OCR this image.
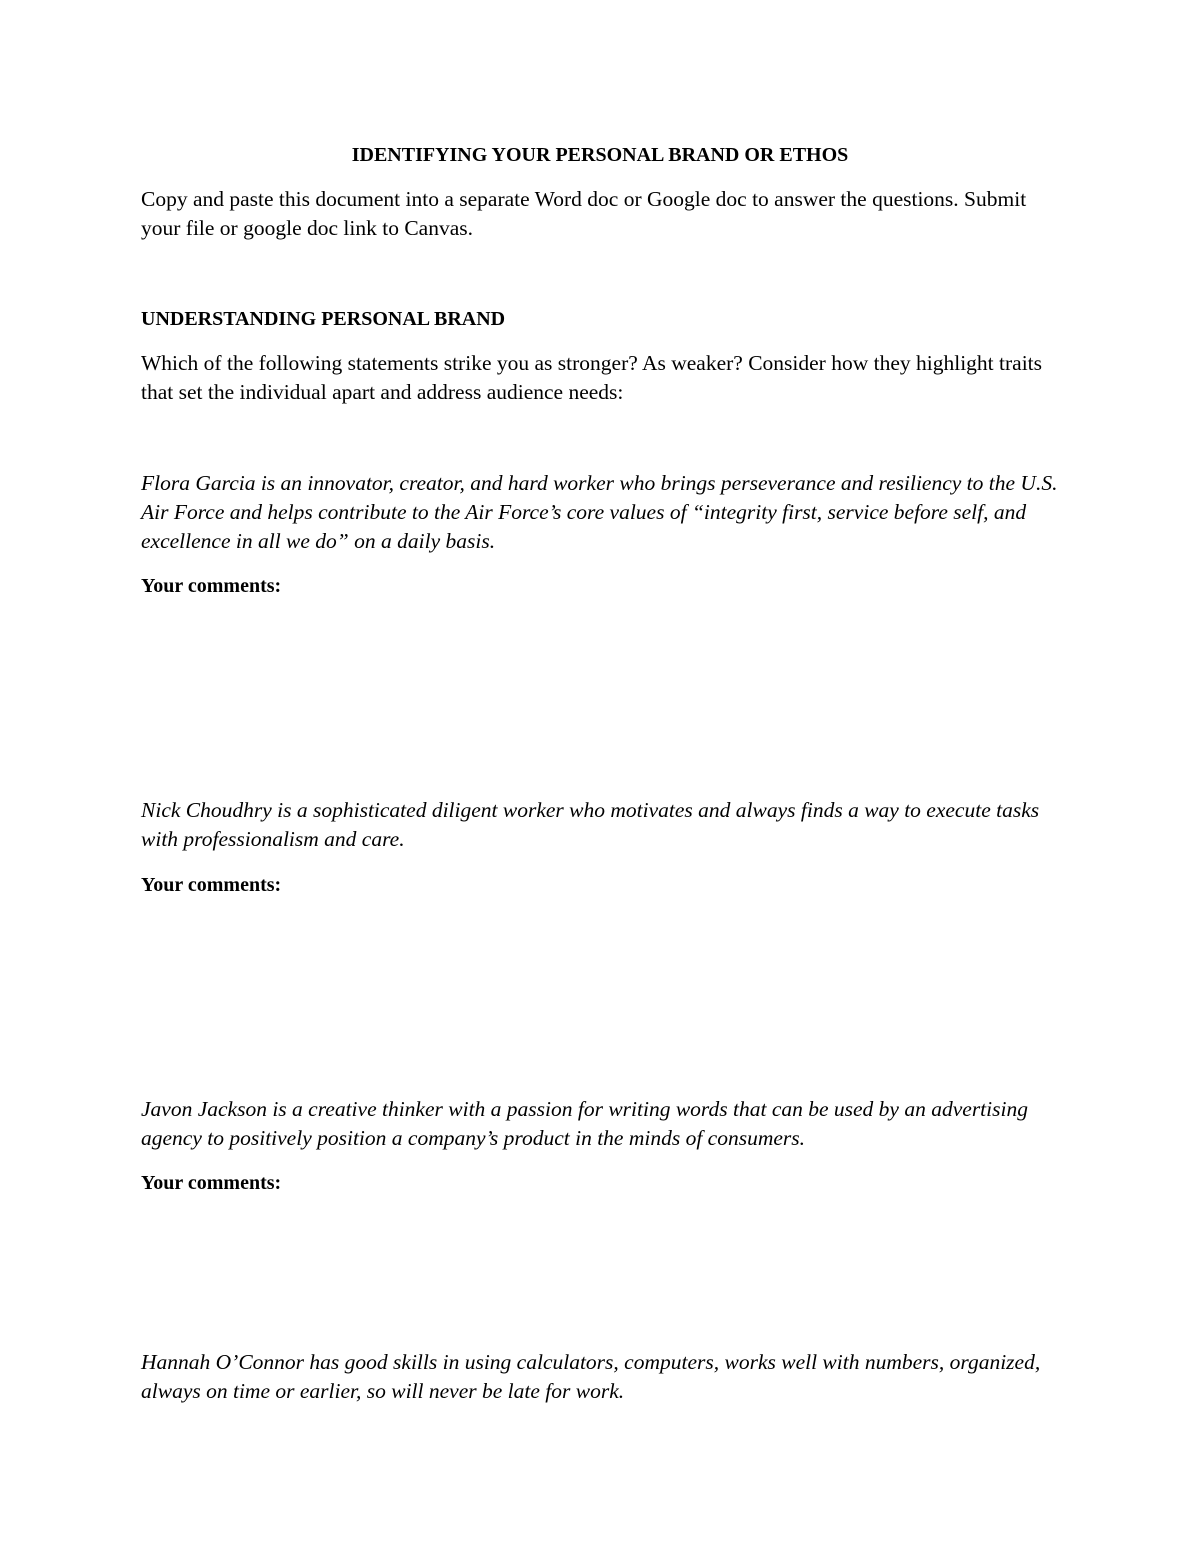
IDENTIFYING YOUR PERSONAL BRAND OR ETHOS

Copy and paste this document into a separate Word doc or Google doc to answer the questions. Submit your file or google doc link to Canvas.

UNDERSTANDING PERSONAL BRAND

Which of the following statements strike you as stronger? As weaker? Consider how they highlight traits that set the individual apart and address audience needs:

Flora Garcia is an innovator, creator, and hard worker who brings perseverance and resiliency to the U.S. Air Force and helps contribute to the Air Force’s core values of “integrity first, service before self, and excellence in all we do” on a daily basis.

Your comments:

Nick Choudhry is a sophisticated diligent worker who motivates and always finds a way to execute tasks with professionalism and care.

Your comments:

Javon Jackson is a creative thinker with a passion for writing words that can be used by an advertising agency to positively position a company’s product in the minds of consumers.

Your comments:

Hannah O’Connor has good skills in using calculators, computers, works well with numbers, organized, always on time or earlier, so will never be late for work.
